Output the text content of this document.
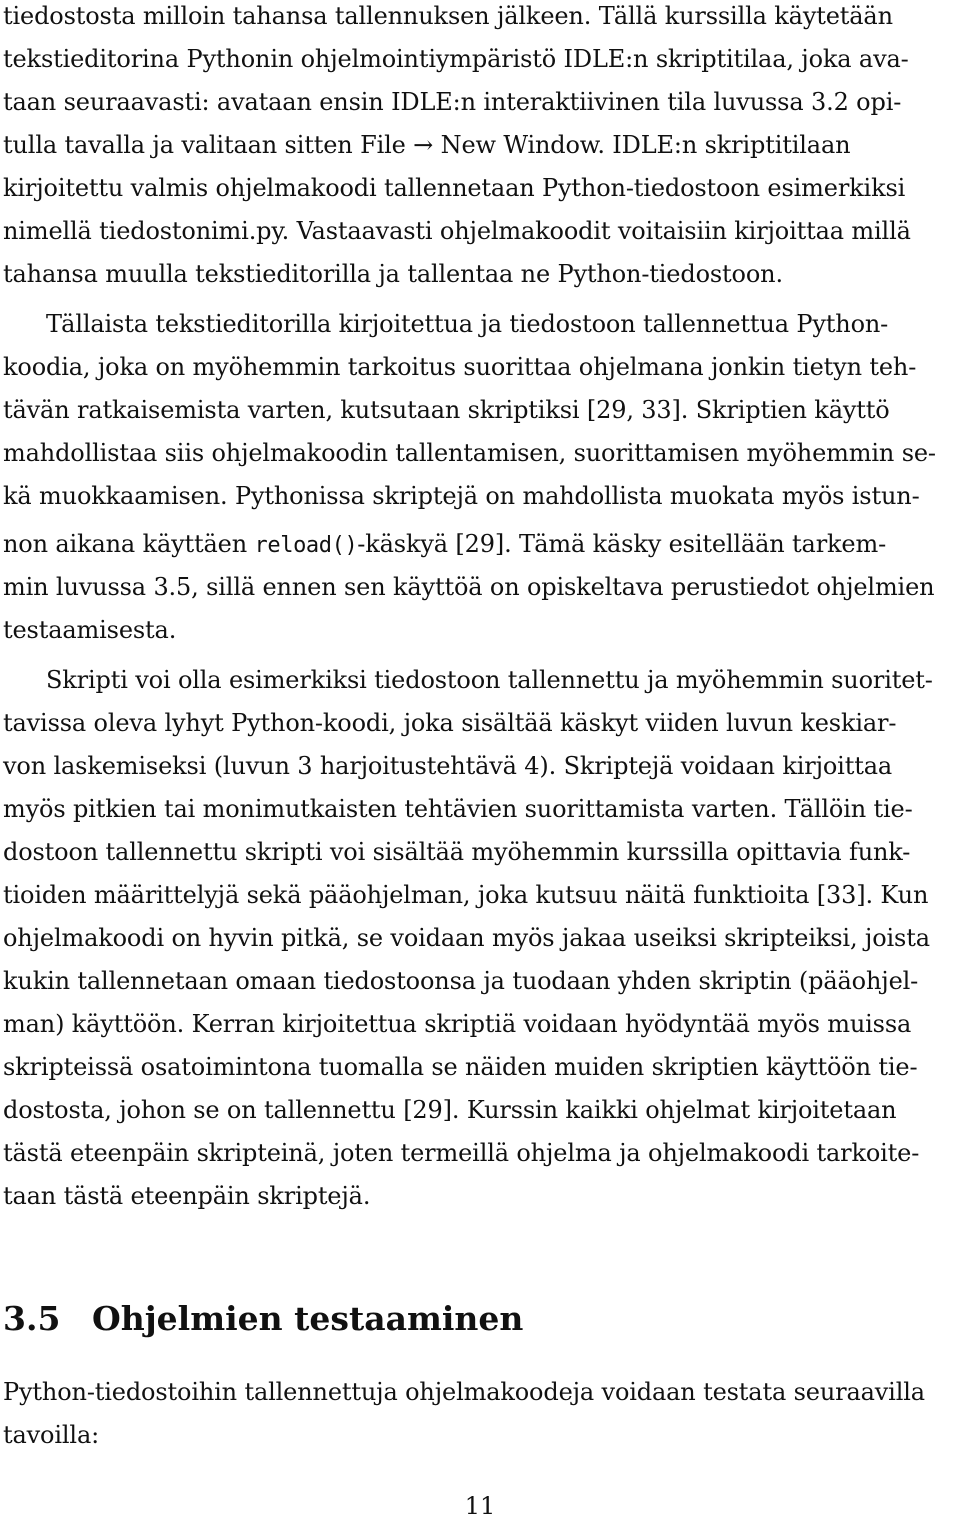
tiedostosta milloin tahansa tallennuksen jälkeen. Tällä kurssilla käytetään
tekstieditorina Pythonin ohjelmointiympäristö IDLE:n skriptitilaa, joka ava-
taan seuraavasti: avataan ensin IDLE:n interaktiivinen tila luvussa 3.2 opi-
tulla tavalla ja valitaan sitten File → New Window. IDLE:n skriptitilaan
kirjoitettu valmis ohjelmakoodi tallennetaan Python-tiedostoon esimerkiksi
nimellä tiedostonimi.py. Vastaavasti ohjelmakoodit voitaisiin kirjoittaa millä
tahansa muulla tekstieditorilla ja tallentaa ne Python-tiedostoon.
Tällaista tekstieditorilla kirjoitettua ja tiedostoon tallennettua Python-
koodia, joka on myöhemmin tarkoitus suorittaa ohjelmana jonkin tietyn teh-
tävän ratkaisemista varten, kutsutaan skriptiksi [29, 33]. Skriptien käyttö
mahdollistaa siis ohjelmakoodin tallentamisen, suorittamisen myöhemmin se-
kä muokkaamisen. Pythonissa skriptejä on mahdollista muokata myös istun-
non aikana käyttäen reload()-käskyä [29]. Tämä käsky esitellään tarkem-
min luvussa 3.5, sillä ennen sen käyttöä on opiskeltava perustiedot ohjelmien
testaamisesta.
Skripti voi olla esimerkiksi tiedostoon tallennettu ja myöhemmin suoritet-
tavissa oleva lyhyt Python-koodi, joka sisältää käskyt viiden luvun keskiar-
von laskemiseksi (luvun 3 harjoitustehtävä 4). Skriptejä voidaan kirjoittaa
myös pitkien tai monimutkaisten tehtävien suorittamista varten. Tällöin tie-
dostoon tallennettu skripti voi sisältää myöhemmin kurssilla opittavia funk-
tioiden määrittelyjä sekä pääohjelman, joka kutsuu näitä funktioita [33]. Kun
ohjelmakoodi on hyvin pitkä, se voidaan myös jakaa useiksi skripteiksi, joista
kukin tallennetaan omaan tiedostoonsa ja tuodaan yhden skriptin (pääohjel-
man) käyttöön. Kerran kirjoitettua skriptiä voidaan hyödyntää myös muissa
skripteissä osatoimintona tuomalla se näiden muiden skriptien käyttöön tie-
dostosta, johon se on tallennettu [29]. Kurssin kaikki ohjelmat kirjoitetaan
tästä eteenpäin skripteinä, joten termeillä ohjelma ja ohjelmakoodi tarkoite-
taan tästä eteenpäin skriptejä.
3.5 Ohjelmien testaaminen
Python-tiedostoihin tallennettuja ohjelmakoodeja voidaan testata seuraavilla
tavoilla:
11
